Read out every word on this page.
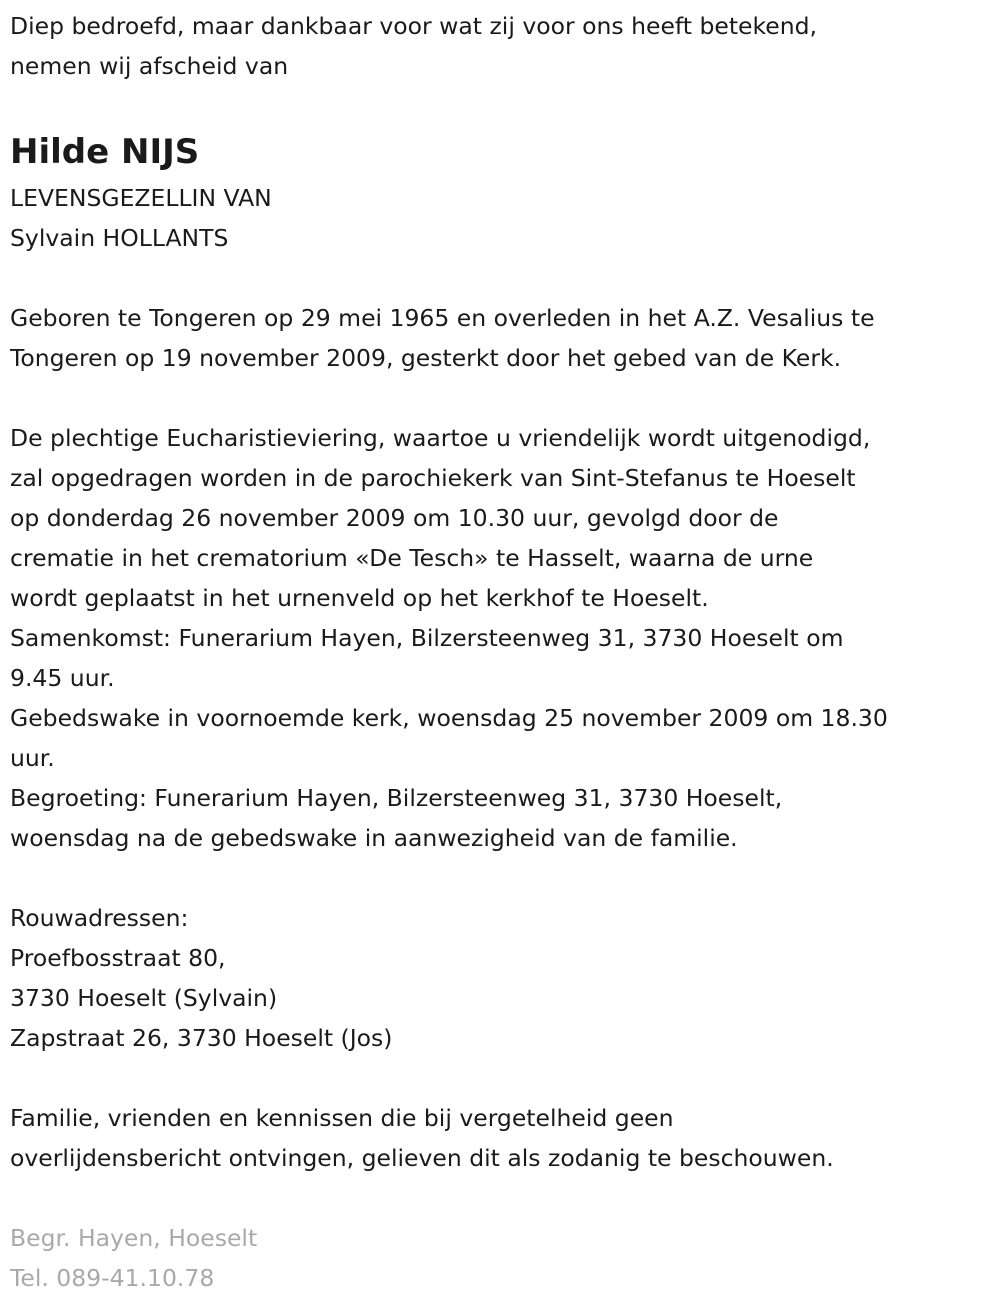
Diep bedroefd, maar dankbaar voor wat zij voor ons heeft betekend,
nemen wij afscheid van
Hilde NIJS
LEVENSGEZELLIN VAN
Sylvain HOLLANTS
Geboren te Tongeren op 29 mei 1965 en overleden in het A.Z. Vesalius te
Tongeren op 19 november 2009, gesterkt door het gebed van de Kerk.
De plechtige Eucharistieviering, waartoe u vriendelijk wordt uitgenodigd,
zal opgedragen worden in de parochiekerk van Sint-Stefanus te Hoeselt
op donderdag 26 november 2009 om 10.30 uur, gevolgd door de
crematie in het crematorium «De Tesch» te Hasselt, waarna de urne
wordt geplaatst in het urnenveld op het kerkhof te Hoeselt.
Samenkomst: Funerarium Hayen, Bilzersteenweg 31, 3730 Hoeselt om
9.45 uur.
Gebedswake in voornoemde kerk, woensdag 25 november 2009 om 18.30
uur.
Begroeting: Funerarium Hayen, Bilzersteenweg 31, 3730 Hoeselt,
woensdag na de gebedswake in aanwezigheid van de familie.
Rouwadressen:
Proefbosstraat 80,
3730 Hoeselt (Sylvain)
Zapstraat 26, 3730 Hoeselt (Jos)
Familie, vrienden en kennissen die bij vergetelheid geen
overlijdensbericht ontvingen, gelieven dit als zodanig te beschouwen.
Begr. Hayen, Hoeselt
Tel. 089-41.10.78
